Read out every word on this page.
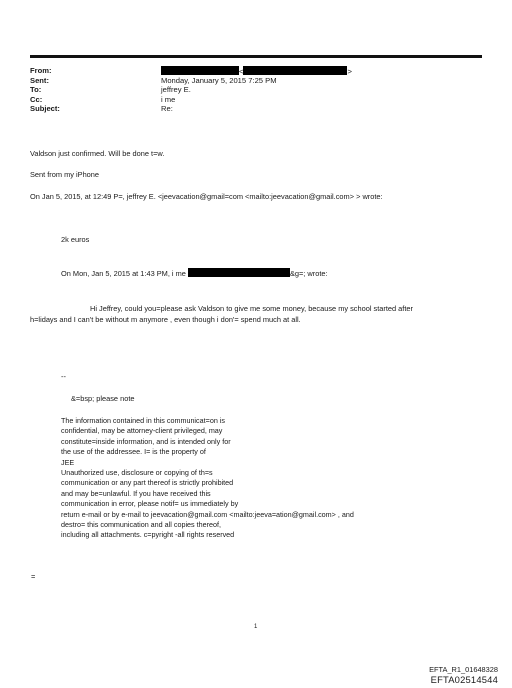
From:	<	>
Sent:	Monday, January 5, 2015 7:25 PM
To:	jeffrey E.
Cc:	i me
Subject:	Re:
Valdson just confirmed. Will be done t=w.
Sent from my iPhone
On Jan 5, 2015, at 12:49 P=, jeffrey E. <jeevacation@gmail=com <mailto:jeevacation@gmail.com> > wrote:
2k euros
On Mon, Jan 5, 2015 at 1:43 PM, i me	&g=; wrote:
Hi Jeffrey, could you=please ask Valdson to give me some money, because my school started after
h=lidays and I can't be without m anymore , even though i don'= spend much at all.
--
&=bsp; please note
The information contained in this communicat=on is
confidential, may be attorney-client privileged, may
constitute=inside information, and is intended only for
the use of the addressee. I= is the property of
JEE
Unauthorized use, disclosure or copying of th=s
communication or any part thereof is strictly prohibited
and may be=unlawful. If you have received this
communication in error, please notif= us immediately by
return e-mail or by e-mail to jeevacation@gmail.com <mailto:jeeva=ation@gmail.com> , and
destro= this communication and all copies thereof,
including all attachments. c=pyright -all rights reserved
=
1
EFTA_R1_01648328
EFTA02514544
